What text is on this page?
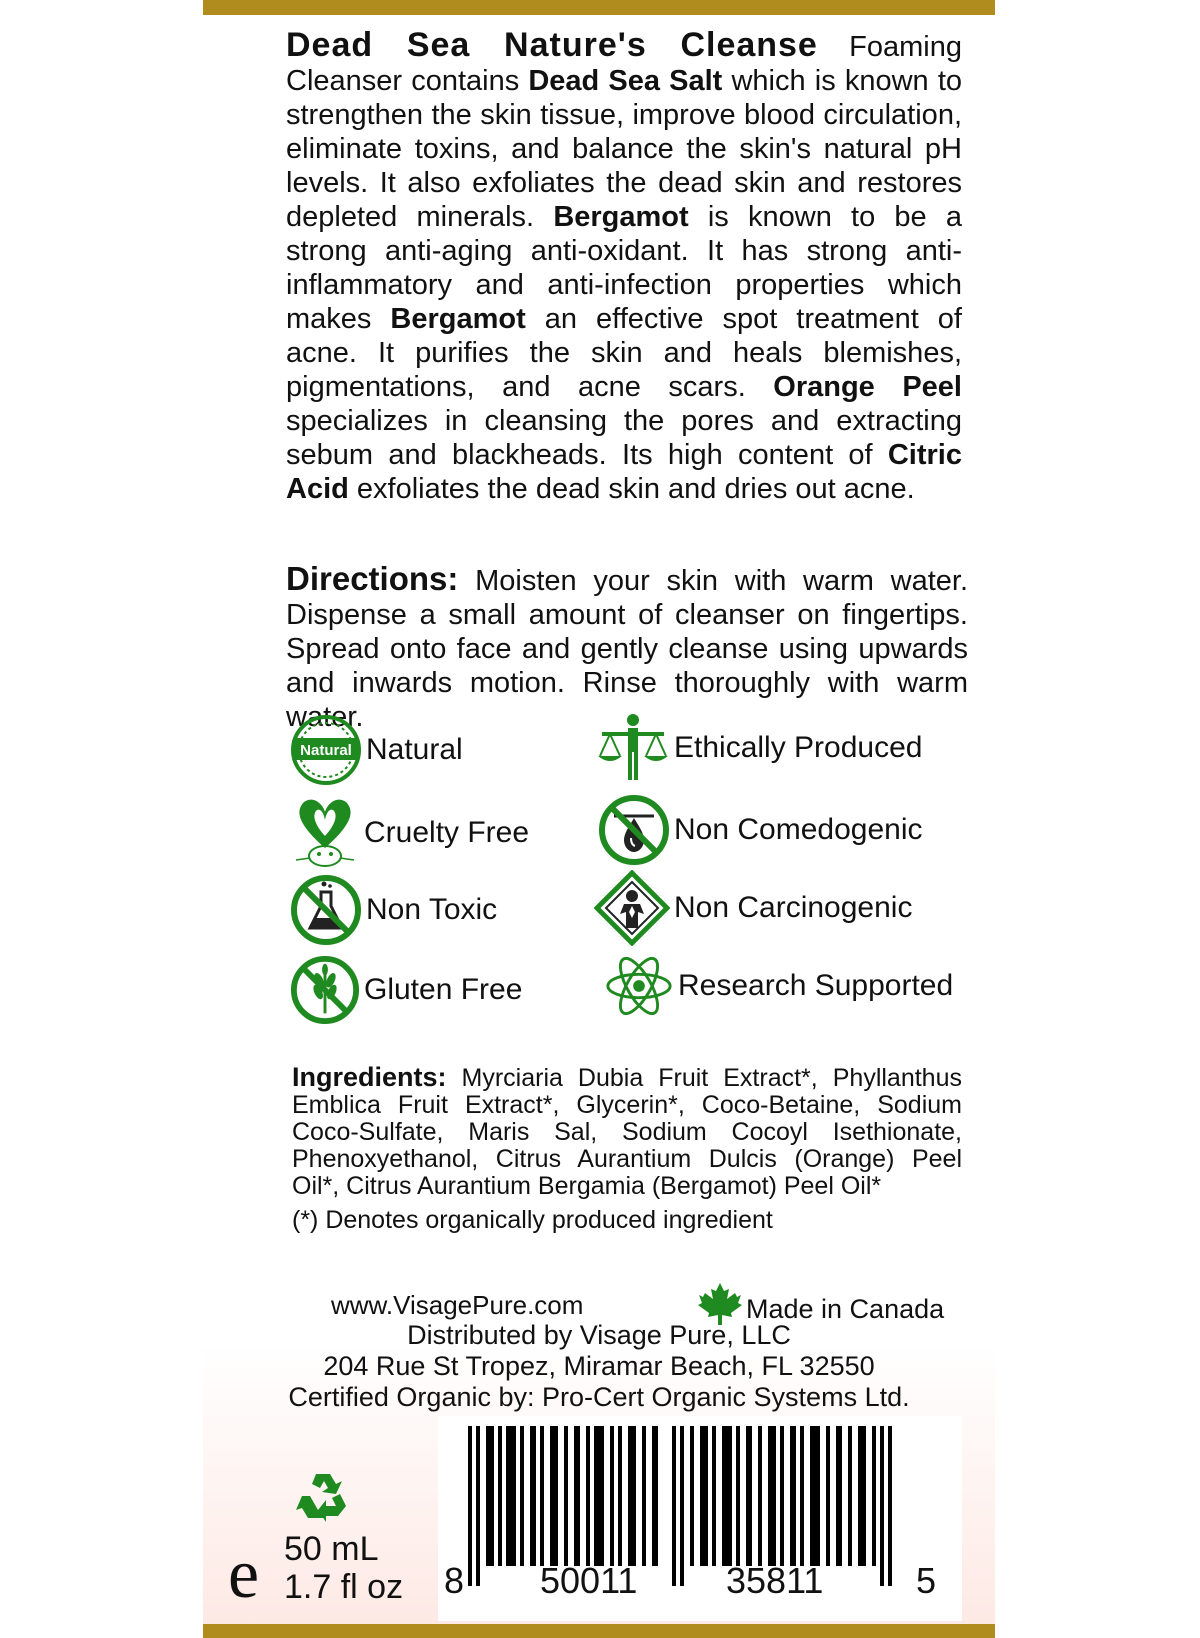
Dead Sea Nature's Cleanse Foaming Cleanser contains Dead Sea Salt which is known to strengthen the skin tissue, improve blood circulation, eliminate toxins, and balance the skin's natural pH levels. It also exfoliates the dead skin and restores depleted minerals. Bergamot is known to be a strong anti-aging anti-oxidant. It has strong anti-inflammatory and anti-infection properties which makes Bergamot an effective spot treatment of acne. It purifies the skin and heals blemishes, pigmentations, and acne scars. Orange Peel specializes in cleansing the pores and extracting sebum and blackheads. Its high content of Citric Acid exfoliates the dead skin and dries out acne.

Directions: Moisten your skin with warm water. Dispense a small amount of cleanser on fingertips. Spread onto face and gently cleanse using upwards and inwards motion. Rinse thoroughly with warm water.

Natural Natural	Ethically Produced
Cruelty Free	Non Comedogenic
Non Toxic	Non Carcinogenic
Gluten Free	Research Supported

Ingredients: Myrciaria Dubia Fruit Extract*, Phyllanthus Emblica Fruit Extract*, Glycerin*, Coco-Betaine, Sodium Coco-Sulfate, Maris Sal, Sodium Cocoyl Isethionate, Phenoxyethanol, Citrus Aurantium Dulcis (Orange) Peel Oil*, Citrus Aurantium Bergamia (Bergamot) Peel Oil*

(*) Denotes organically produced ingredient
www.VisagePure.com	Made in Canada
Distributed by Visage Pure, LLC
204 Rue St Tropez, Miramar Beach, FL 32550
Certified Organic by: Pro-Cert Organic Systems Ltd.
e 50 mL
1.7 fl oz 8 50011 35811	5
